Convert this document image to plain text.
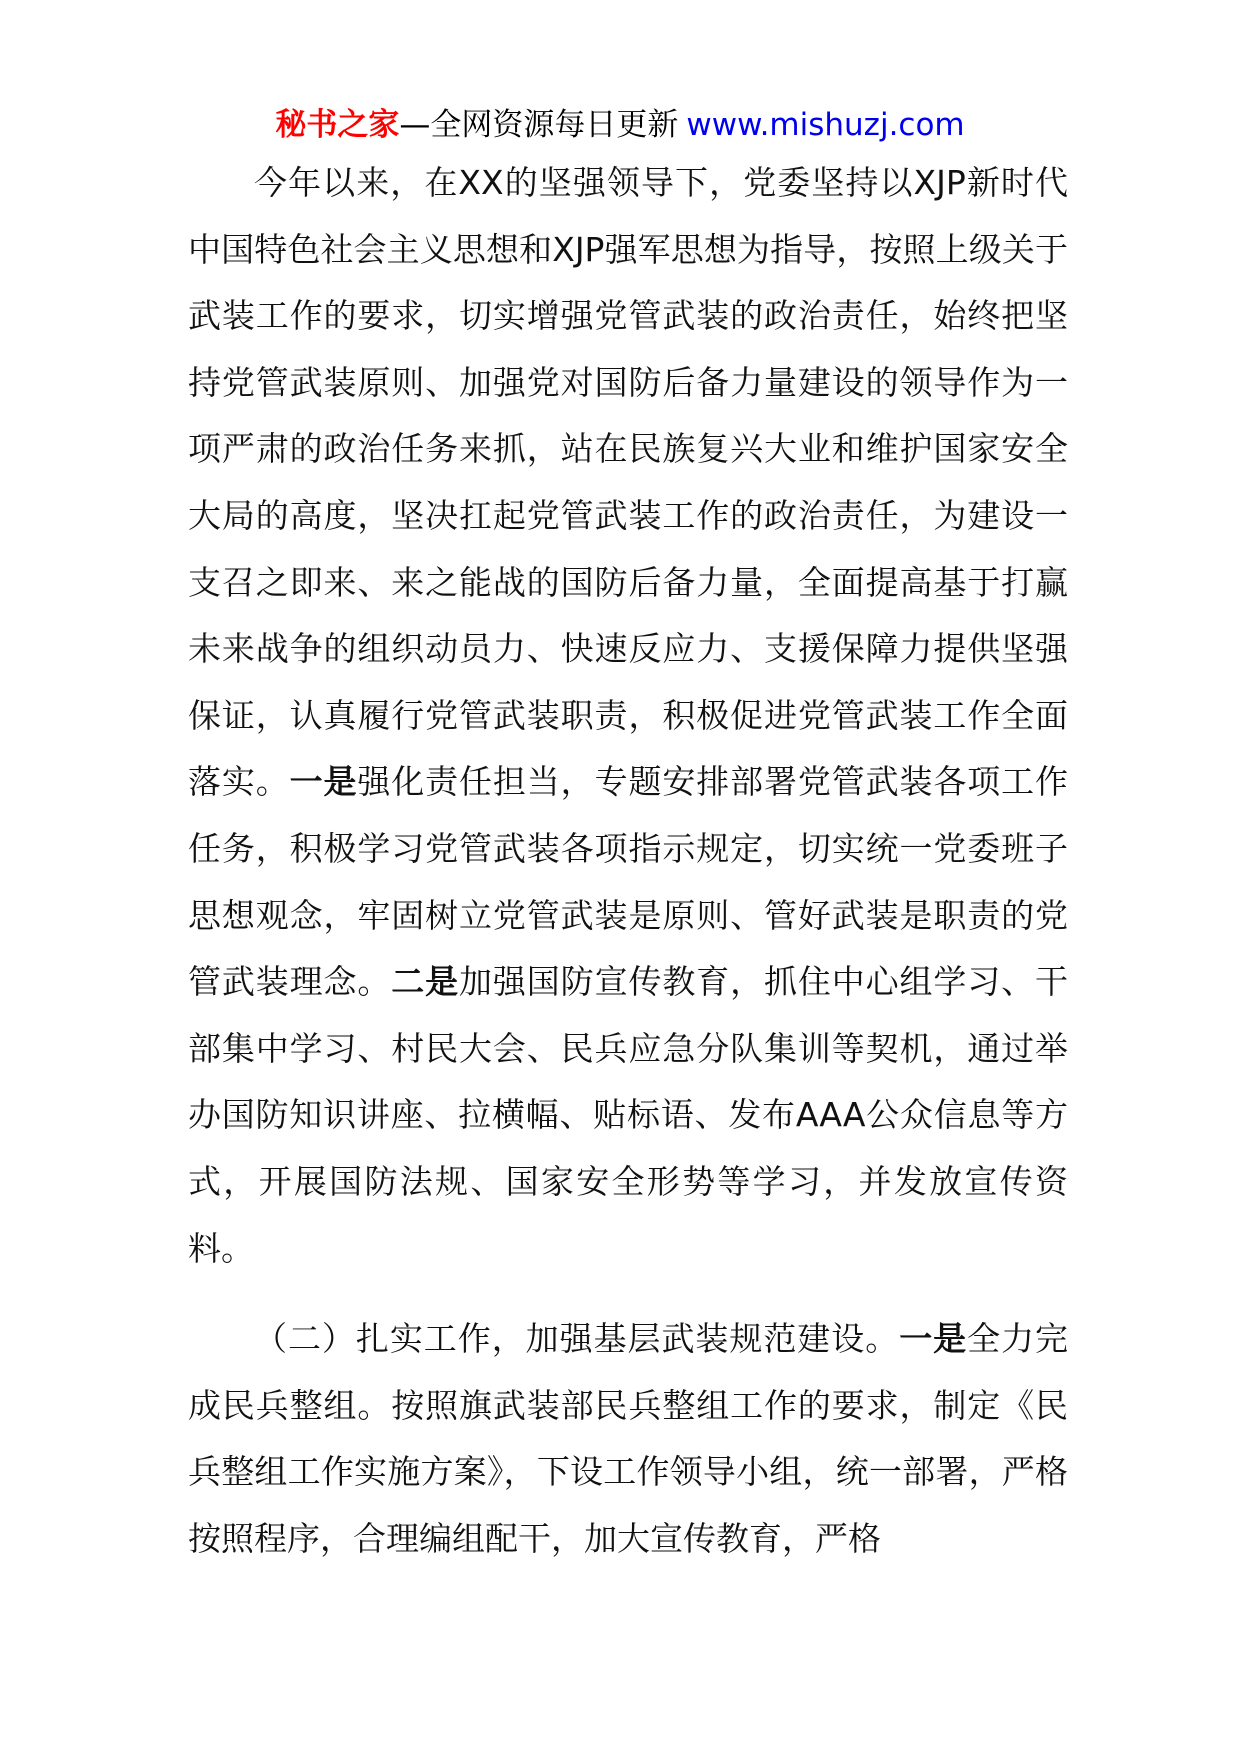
秘书之家—全网资源每日更新 www.mishuzj.com

今年以来，在XX的坚强领导下，党委坚持以XJP新时代中国特色社会主义思想和XJP强军思想为指导，按照上级关于武装工作的要求，切实增强党管武装的政治责任，始终把坚持党管武装原则、加强党对国防后备力量建设的领导作为一项严肃的政治任务来抓，站在民族复兴大业和维护国家安全大局的高度，坚决扛起党管武装工作的政治责任，为建设一支召之即来、来之能战的国防后备力量，全面提高基于打赢未来战争的组织动员力、快速反应力、支援保障力提供坚强保证，认真履行党管武装职责，积极促进党管武装工作全面落实。一是强化责任担当，专题安排部署党管武装各项工作任务，积极学习党管武装各项指示规定，切实统一党委班子思想观念，牢固树立党管武装是原则、管好武装是职责的党管武装理念。二是加强国防宣传教育，抓住中心组学习、干部集中学习、村民大会、民兵应急分队集训等契机，通过举办国防知识讲座、拉横幅、贴标语、发布AAA公众信息等方式，开展国防法规、国家安全形势等学习，并发放宣传资料。

（二）扎实工作，加强基层武装规范建设。一是全力完成民兵整组。按照旗武装部民兵整组工作的要求，制定《民兵整组工作实施方案》，下设工作领导小组，统一部署，严格按照程序，合理编组配干，加大宣传教育，严格
